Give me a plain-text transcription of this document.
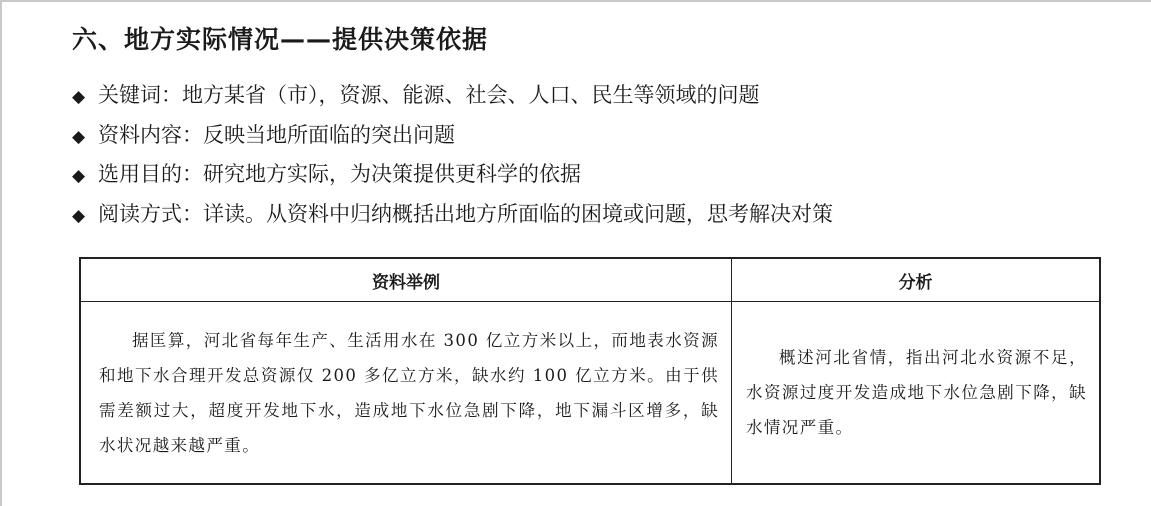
六、地方实际情况——提供决策依据
◆ 关键词：地方某省（市），资源、能源、社会、人口、民生等领域的问题
◆ 资料内容：反映当地所面临的突出问题
◆ 选用目的：研究地方实际，为决策提供更科学的依据
◆ 阅读方式：详读。从资料中归纳概括出地方所面临的困境或问题，思考解决对策
资料举例	分析

据匡算，河北省每年生产、生活用水在 300 亿立方米以上，而地表水资源和地下水合理开发总资源仅 200 多亿立方米，缺水约 100 亿立方米。由于供需差额过大，超度开发地下水，造成地下水位急剧下降，地下漏斗区增多，缺水状况越来越严重。	概述河北省情，指出河北水资源不足，水资源过度开发造成地下水位急剧下降，缺水情况严重。
